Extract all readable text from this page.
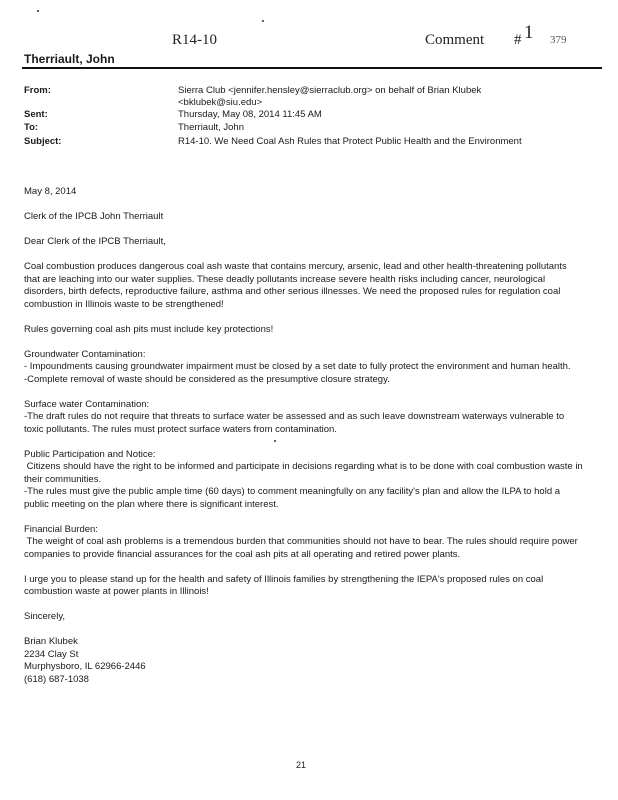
R14-10	Comment # 1 379
Therriault, John
From:	Sierra Club <jennifer.hensley@sierraclub.org> on behalf of Brian Klubek <bklubek@siu.edu>
Sent:	Thursday, May 08, 2014 11:45 AM
To:	Therriault, John
Subject:	R14-10. We Need Coal Ash Rules that Protect Public Health and the Environment

May 8, 2014

Clerk of the IPCB John Therriault

Dear Clerk of the IPCB Therriault,

Coal combustion produces dangerous coal ash waste that contains mercury, arsenic, lead and other health-threatening pollutants that are leaching into our water supplies. These deadly pollutants increase severe health risks including cancer, neurological disorders, birth defects, reproductive failure, asthma and other serious illnesses. We need the proposed rules for regulation coal combustion in Illinois waste to be strengthened!

Rules governing coal ash pits must include key protections!

Groundwater Contamination:

- Impoundments causing groundwater impairment must be closed by a set date to fully protect the environment and human health.

-Complete removal of waste should be considered as the presumptive closure strategy.

Surface water Contamination:

-The draft rules do not require that threats to surface water be assessed and as such leave downstream waterways vulnerable to toxic pollutants. The rules must protect surface waters from contamination.

Public Participation and Notice:

Citizens should have the right to be informed and participate in decisions regarding what is to be done with coal combustion waste in their communities.

-The rules must give the public ample time (60 days) to comment meaningfully on any facility's plan and allow the ILPA to hold a public meeting on the plan where there is significant interest.

Financial Burden:

The weight of coal ash problems is a tremendous burden that communities should not have to bear. The rules should require power companies to provide financial assurances for the coal ash pits at all operating and retired power plants.

I urge you to please stand up for the health and safety of Illinois families by strengthening the IEPA's proposed rules on coal combustion waste at power plants in Illinois!

Sincerely,

Brian Klubek

2234 Clay St

Murphysboro, IL 62966-2446

(618) 687-1038

21
